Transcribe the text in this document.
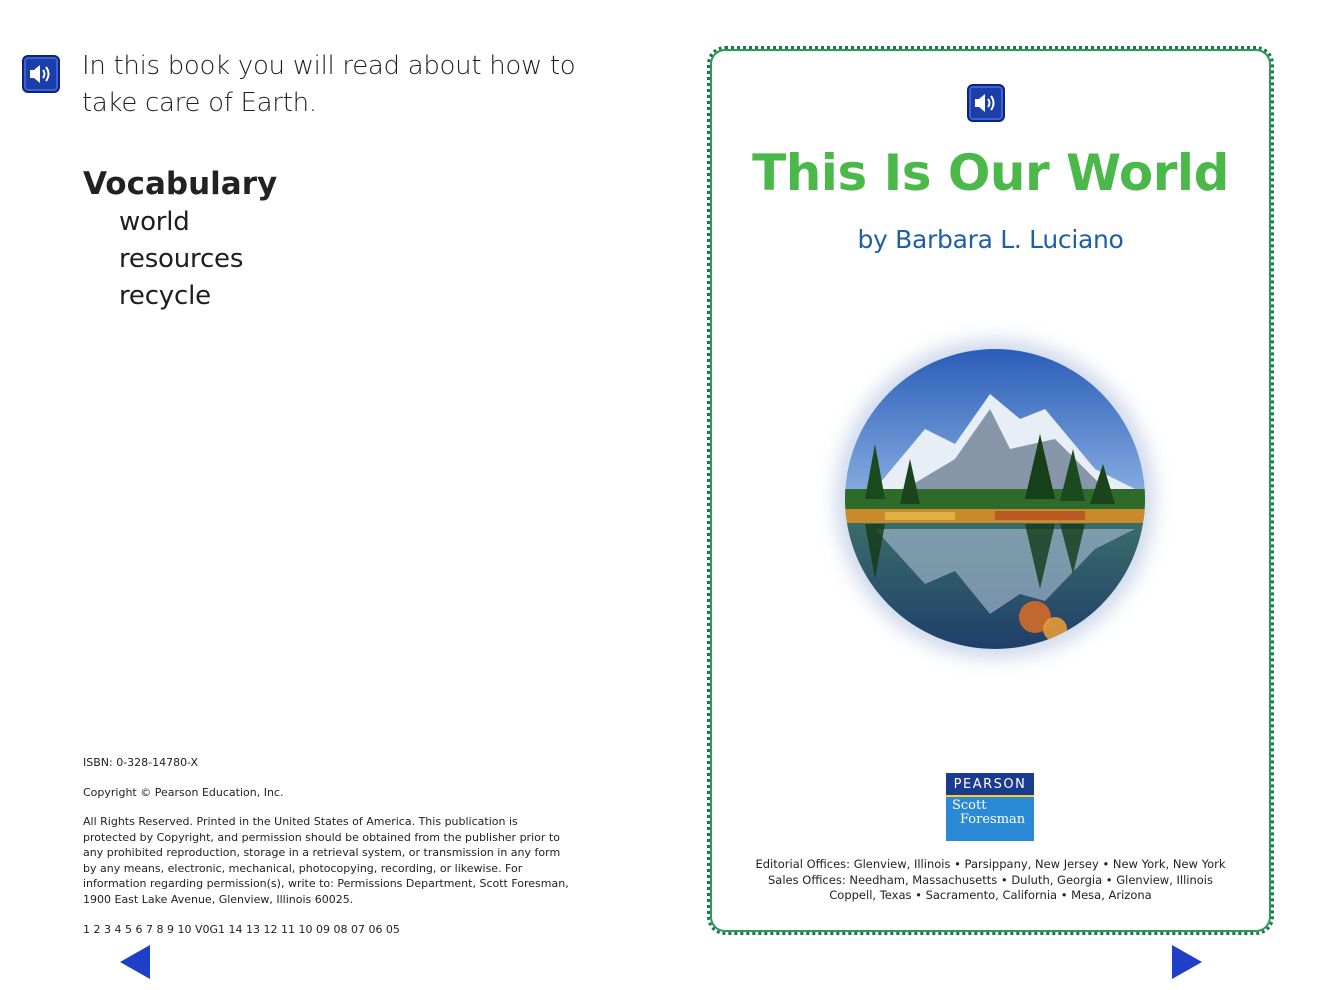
In this book you will read about how to take care of Earth.
Vocabulary
world
resources
recycle

ISBN: 0-328-14780-X

Copyright © Pearson Education, Inc.

All Rights Reserved. Printed in the United States of America. This publication is protected by Copyright, and permission should be obtained from the publisher prior to any prohibited reproduction, storage in a retrieval system, or transmission in any form by any means, electronic, mechanical, photocopying, recording, or likewise. For information regarding permission(s), write to: Permissions Department, Scott Foresman, 1900 East Lake Avenue, Glenview, Illinois 60025.

1 2 3 4 5 6 7 8 9 10 V0G1 14 13 12 11 10 09 08 07 06 05

This Is Our World
by Barbara L. Luciano
PEARSON
Scott
Foresman
Editorial Offices: Glenview, Illinois • Parsippany, New Jersey • New York, New York
Sales Offices: Needham, Massachusetts • Duluth, Georgia • Glenview, Illinois
Coppell, Texas • Sacramento, California • Mesa, Arizona
